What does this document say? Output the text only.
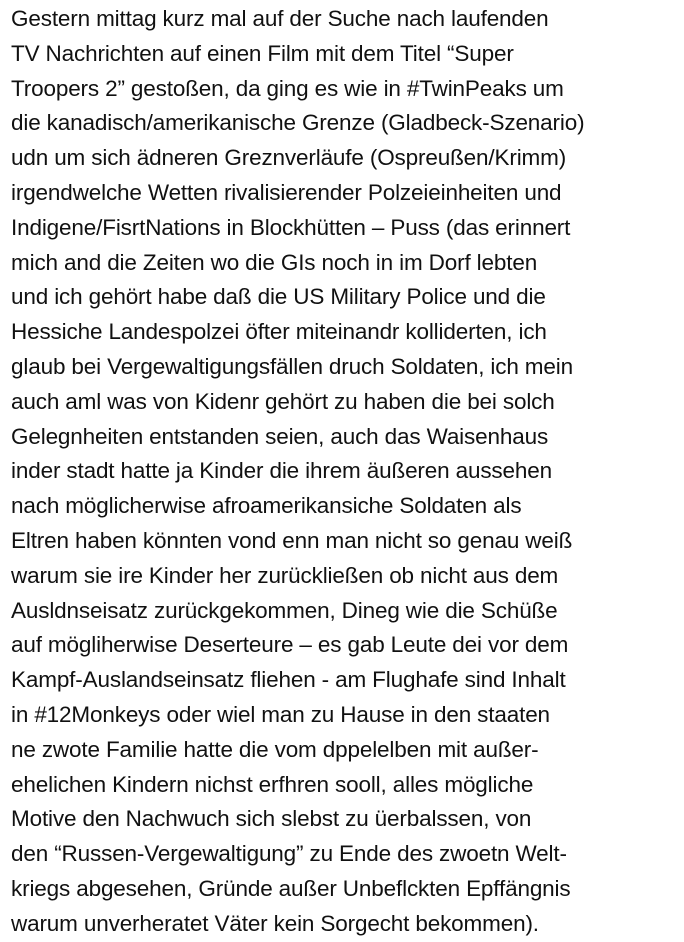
Gestern mittag kurz mal auf der Suche nach laufenden
TV Nachrichten auf einen Film mit dem Titel “Super
Troopers 2” gestoßen, da ging es wie in #TwinPeaks um
die kanadisch/amerikanische Grenze (Gladbeck-Szenario)
udn um sich ädneren Greznverläufe (Ospreußen/Krimm)
irgendwelche Wetten rivalisierender Polzeieinheiten und
Indigene/FisrtNations in Blockhütten – Puss (das erinnert
mich and die Zeiten wo die GIs noch in im Dorf lebten
und ich gehört habe daß die US Military Police und die
Hessiche Landespolzei öfter miteinandr kolliderten, ich
glaub bei Vergewaltigungsfällen druch Soldaten, ich mein
auch aml was von Kidenr gehört zu haben die bei solch
Gelegnheiten entstanden seien, auch das Waisenhaus
inder stadt hatte ja Kinder die ihrem äußeren aussehen
nach möglicherwise afroamerikansiche Soldaten als
Eltren haben könnten vond enn man nicht so genau weiß
warum sie ire Kinder her zurückließen ob nicht aus dem
Ausldnseisatz zurückgekommen, Dineg wie die Schüße
auf mögliherwise Deserteure – es gab Leute dei vor dem
Kampf-Auslandseinsatz fliehen - am Flughafe sind Inhalt
in #12Monkeys oder wiel man zu Hause in den staaten
ne zwote Familie hatte die vom dppelelben mit außer-
ehelichen Kindern nichst erfhren sooll, alles mögliche
Motive den Nachwuch sich slebst zu üerbalssen, von
den “Russen-Vergewaltigung” zu Ende des zwoetn Welt-
kriegs abgesehen, Gründe außer Unbeflckten Epffängnis
warum unverheratet Väter kein Sorgecht bekommen).
